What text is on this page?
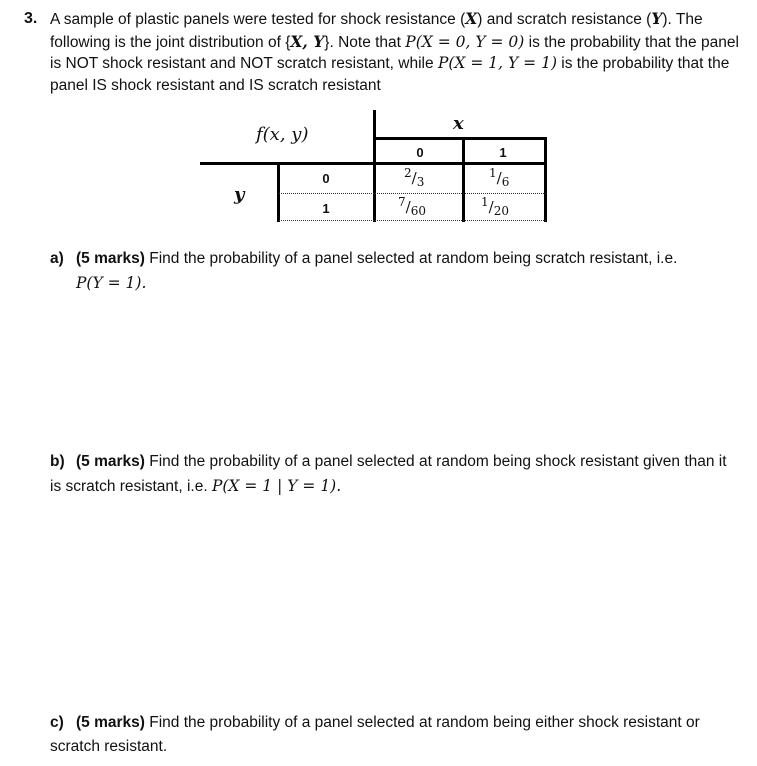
3. A sample of plastic panels were tested for shock resistance (X) and scratch resistance (Y). The following is the joint distribution of {X, Y}. Note that P(X = 0, Y = 0) is the probability that the panel is NOT shock resistant and NOT scratch resistant, while P(X = 1, Y = 1) is the probability that the panel IS shock resistant and IS scratch resistant
f(x, y)
x
y
0	1
0
1
$^2/_3$
$^1/_6$
$^7/_{60}$
$^1/_{20}$
a) (5 marks) Find the probability of a panel selected at random being scratch resistant, i.e.
P(Y = 1).
b) (5 marks) Find the probability of a panel selected at random being shock resistant given than it is scratch resistant, i.e. P(X = 1 | Y = 1).
c) (5 marks) Find the probability of a panel selected at random being either shock resistant or scratch resistant.
